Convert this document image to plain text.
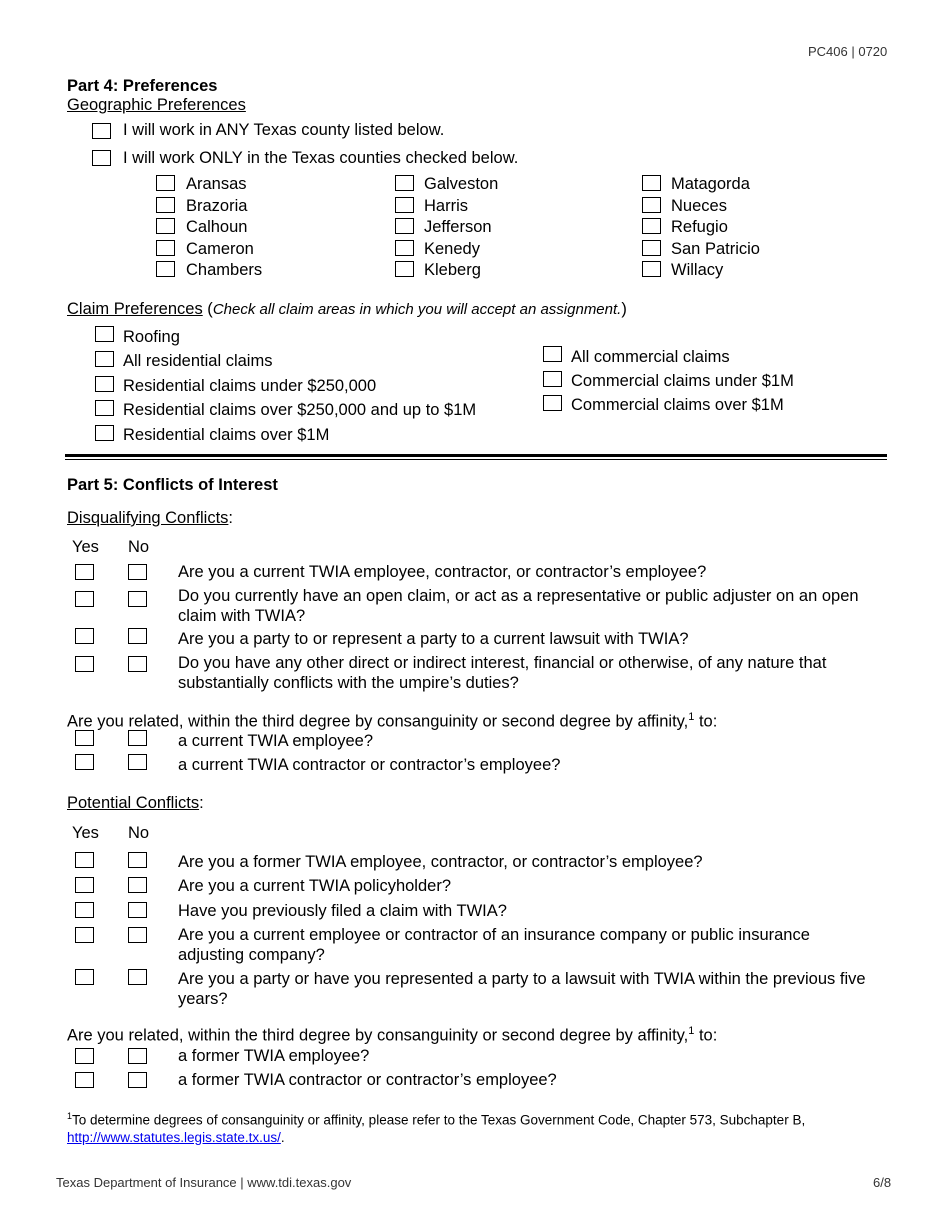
PC406 | 0720
Part 4: Preferences
Geographic Preferences
I will work in ANY Texas county listed below.
I will work ONLY in the Texas counties checked below.
Aransas
Brazoria
Calhoun
Cameron
Chambers
Galveston
Harris
Jefferson
Kenedy
Kleberg
Matagorda
Nueces
Refugio
San Patricio
Willacy
Claim Preferences (Check all claim areas in which you will accept an assignment.)
Roofing
All residential claims
Residential claims under $250,000
Residential claims over $250,000 and up to $1M
Residential claims over $1M
All commercial claims
Commercial claims under $1M
Commercial claims over $1M
Part 5: Conflicts of Interest
Disqualifying Conflicts:
Yes No
Are you a current TWIA employee, contractor, or contractor’s employee?
Do you currently have an open claim, or act as a representative or public adjuster on an open claim with TWIA?
Are you a party to or represent a party to a current lawsuit with TWIA?
Do you have any other direct or indirect interest, financial or otherwise, of any nature that substantially conflicts with the umpire’s duties?
Are you related, within the third degree by consanguinity or second degree by affinity,$^1$ to:
a current TWIA employee?
a current TWIA contractor or contractor’s employee?
Potential Conflicts:
Yes No
Are you a former TWIA employee, contractor, or contractor’s employee?
Are you a current TWIA policyholder?
Have you previously filed a claim with TWIA?
Are you a current employee or contractor of an insurance company or public insurance adjusting company?
Are you a party or have you represented a party to a lawsuit with TWIA within the previous five years?
Are you related, within the third degree by consanguinity or second degree by affinity,$^1$ to:
a former TWIA employee?
a former TWIA contractor or contractor’s employee?
$^1$To determine degrees of consanguinity or affinity, please refer to the Texas Government Code, Chapter 573, Subchapter B,
http://www.statutes.legis.state.tx.us/.
Texas Department of Insurance | www.tdi.texas.gov	6/8
